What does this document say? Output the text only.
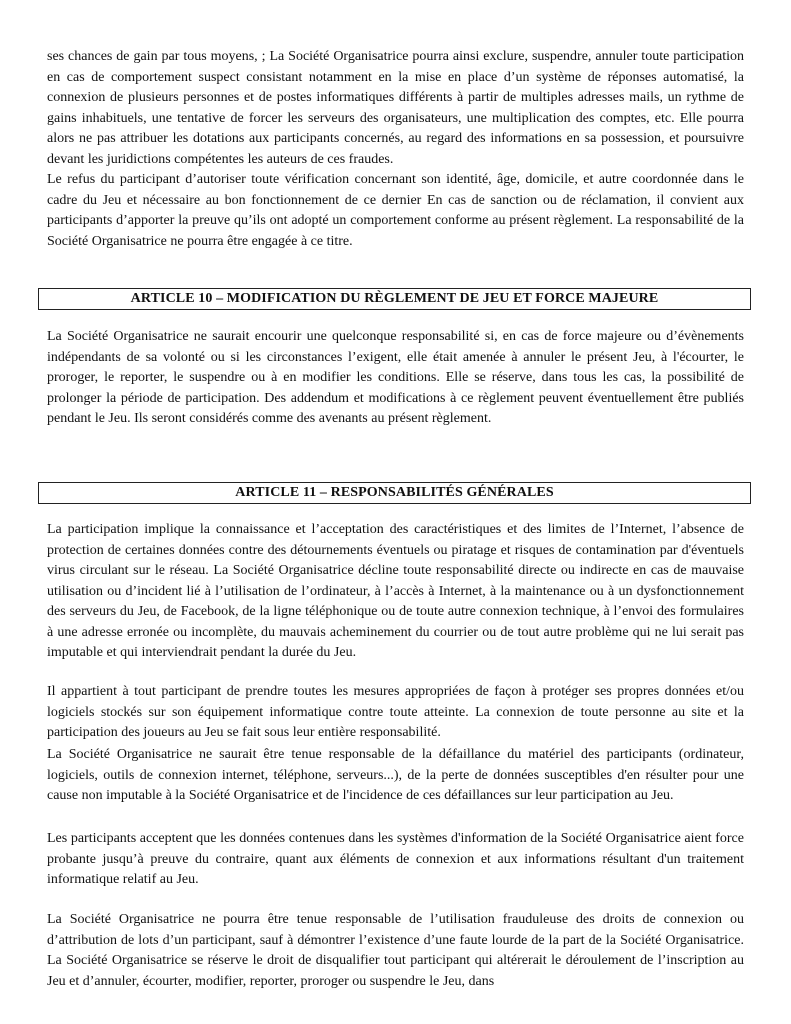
ses chances de gain par tous moyens, ; La Société Organisatrice pourra ainsi exclure, suspendre, annuler toute participation en cas de comportement suspect consistant notamment en la mise en place d’un système de réponses automatisé, la connexion de plusieurs personnes et de postes informatiques différents à partir de multiples adresses mails, un rythme de gains inhabituels, une tentative de forcer les serveurs des organisateurs, une multiplication des comptes, etc. Elle pourra alors ne pas attribuer les dotations aux participants concernés, au regard des informations en sa possession, et poursuivre devant les juridictions compétentes les auteurs de ces fraudes.

Le refus du participant d’autoriser toute vérification concernant son identité, âge, domicile, et autre coordonnée dans le cadre du Jeu et nécessaire au bon fonctionnement de ce dernier En cas de sanction ou de réclamation, il convient aux participants d’apporter la preuve qu’ils ont adopté un comportement conforme au présent règlement. La responsabilité de la Société Organisatrice ne pourra être engagée à ce titre.

ARTICLE 10 – MODIFICATION DU RÈGLEMENT DE JEU ET FORCE MAJEURE

La Société Organisatrice ne saurait encourir une quelconque responsabilité si, en cas de force majeure ou d’évènements indépendants de sa volonté ou si les circonstances l’exigent, elle était amenée à annuler le présent Jeu, à l'écourter, le proroger, le reporter, le suspendre ou à en modifier les conditions. Elle se réserve, dans tous les cas, la possibilité de prolonger la période de participation. Des addendum et modifications à ce règlement peuvent éventuellement être publiés pendant le Jeu. Ils seront considérés comme des avenants au présent règlement.

ARTICLE 11 – RESPONSABILITÉS GÉNÉRALES

La participation implique la connaissance et l’acceptation des caractéristiques et des limites de l’Internet, l’absence de protection de certaines données contre des détournements éventuels ou piratage et risques de contamination par d'éventuels virus circulant sur le réseau. La Société Organisatrice décline toute responsabilité directe ou indirecte en cas de mauvaise utilisation ou d’incident lié à l’utilisation de l’ordinateur, à l’accès à Internet, à la maintenance ou à un dysfonctionnement des serveurs du Jeu, de Facebook, de la ligne téléphonique ou de toute autre connexion technique, à l’envoi des formulaires à une adresse erronée ou incomplète, du mauvais acheminement du courrier ou de tout autre problème qui ne lui serait pas imputable et qui interviendrait pendant la durée du Jeu.

Il appartient à tout participant de prendre toutes les mesures appropriées de façon à protéger ses propres données et/ou logiciels stockés sur son équipement informatique contre toute atteinte. La connexion de toute personne au site et la participation des joueurs au Jeu se fait sous leur entière responsabilité.

La Société Organisatrice ne saurait être tenue responsable de la défaillance du matériel des participants (ordinateur, logiciels, outils de connexion internet, téléphone, serveurs...), de la perte de données susceptibles d'en résulter pour une cause non imputable à la Société Organisatrice et de l'incidence de ces défaillances sur leur participation au Jeu.

Les participants acceptent que les données contenues dans les systèmes d'information de la Société Organisatrice aient force probante jusqu’à preuve du contraire, quant aux éléments de connexion et aux informations résultant d'un traitement informatique relatif au Jeu.

La Société Organisatrice ne pourra être tenue responsable de l’utilisation frauduleuse des droits de connexion ou d’attribution de lots d’un participant, sauf à démontrer l’existence d’une faute lourde de la part de la Société Organisatrice. La Société Organisatrice se réserve le droit de disqualifier tout participant qui altérerait le déroulement de l’inscription au Jeu et d’annuler, écourter, modifier, reporter, proroger ou suspendre le Jeu, dans
